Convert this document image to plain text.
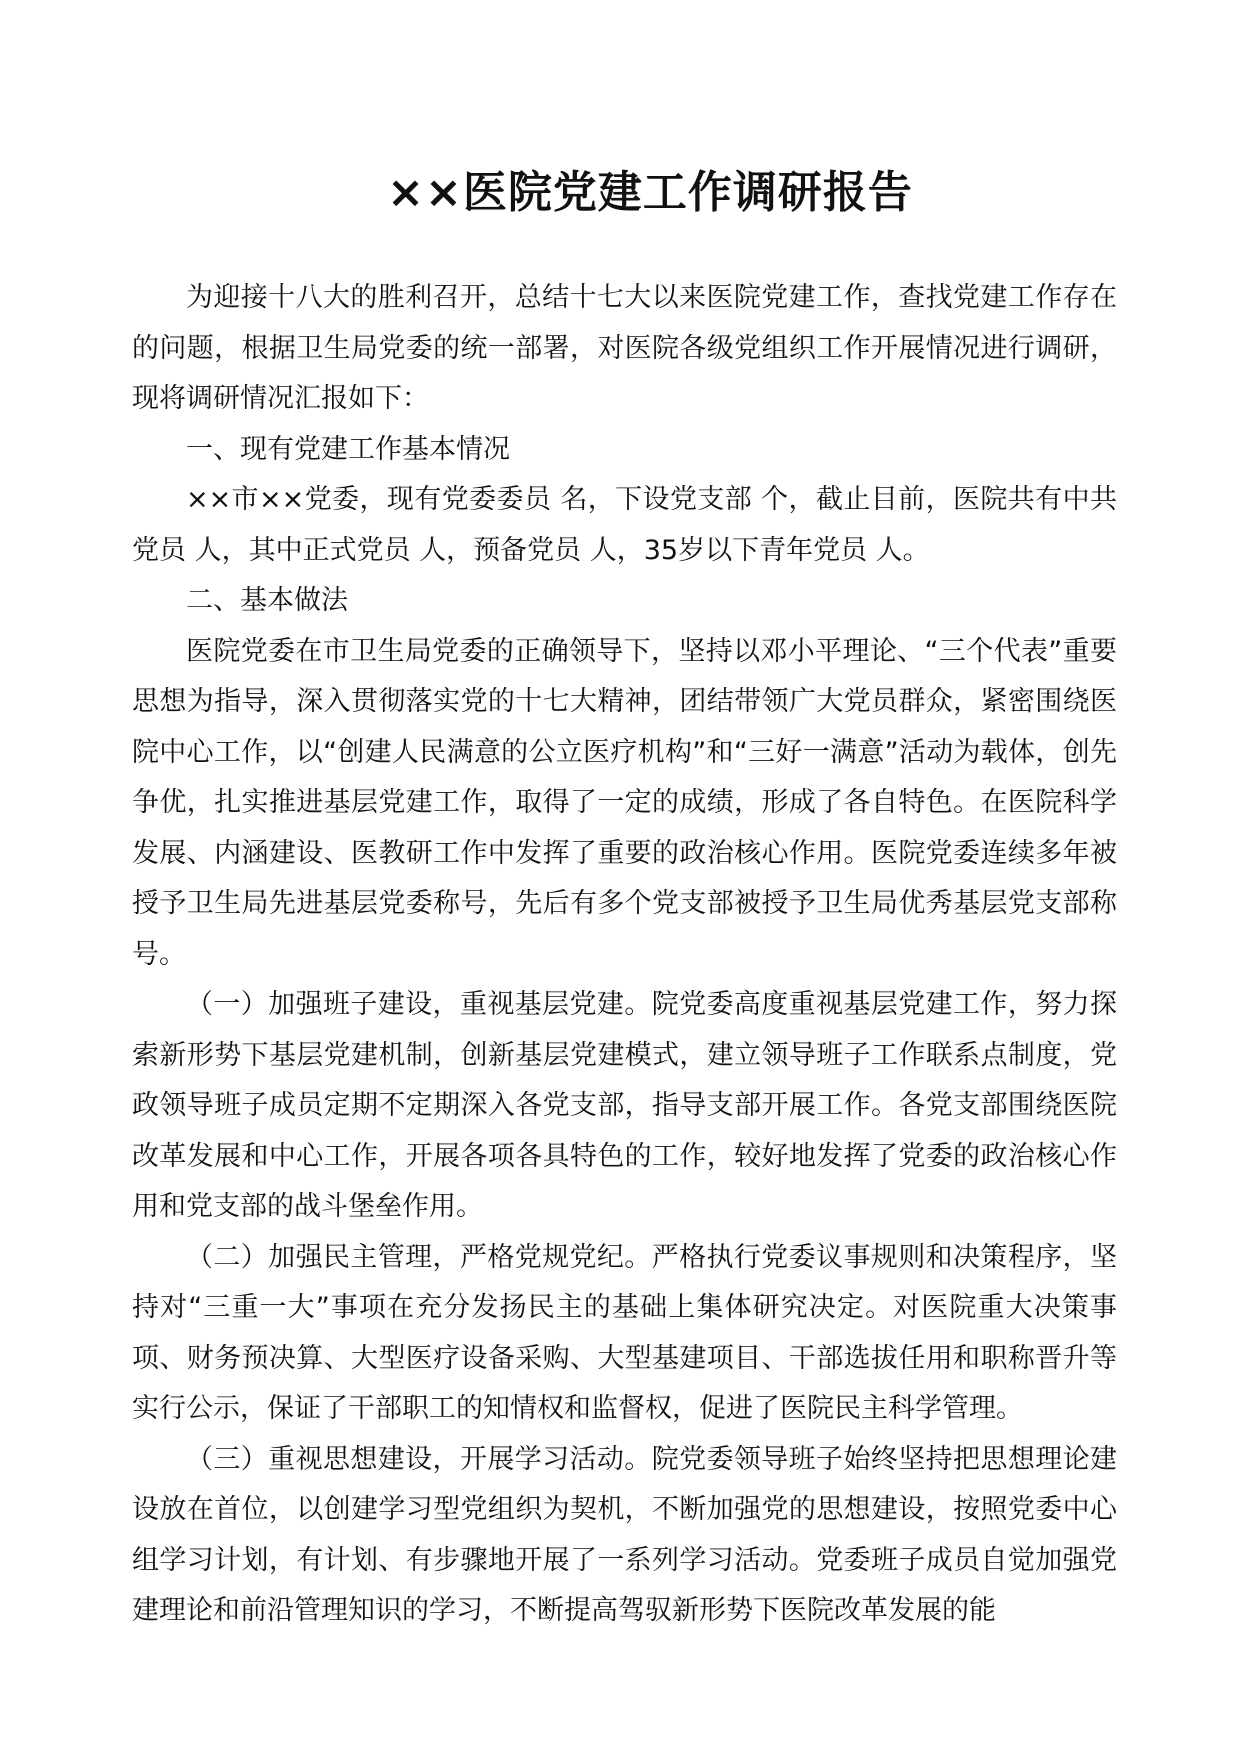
××医院党建工作调研报告

为迎接十八大的胜利召开，总结十七大以来医院党建工作，查找党建工作存在的问题，根据卫生局党委的统一部署，对医院各级党组织工作开展情况进行调研，现将调研情况汇报如下：

一、现有党建工作基本情况

××市××党委，现有党委委员 名，下设党支部 个，截止目前，医院共有中共党员 人，其中正式党员 人，预备党员 人，35岁以下青年党员 人。

二、基本做法

医院党委在市卫生局党委的正确领导下，坚持以邓小平理论、“三个代表”重要思想为指导，深入贯彻落实党的十七大精神，团结带领广大党员群众，紧密围绕医院中心工作，以“创建人民满意的公立医疗机构”和“三好一满意”活动为载体，创先争优，扎实推进基层党建工作，取得了一定的成绩，形成了各自特色。在医院科学发展、内涵建设、医教研工作中发挥了重要的政治核心作用。医院党委连续多年被授予卫生局先进基层党委称号，先后有多个党支部被授予卫生局优秀基层党支部称号。

（一）加强班子建设，重视基层党建。院党委高度重视基层党建工作，努力探索新形势下基层党建机制，创新基层党建模式，建立领导班子工作联系点制度，党政领导班子成员定期不定期深入各党支部，指导支部开展工作。各党支部围绕医院改革发展和中心工作，开展各项各具特色的工作，较好地发挥了党委的政治核心作用和党支部的战斗堡垒作用。

（二）加强民主管理，严格党规党纪。严格执行党委议事规则和决策程序，坚持对“三重一大”事项在充分发扬民主的基础上集体研究决定。对医院重大决策事项、财务预决算、大型医疗设备采购、大型基建项目、干部选拔任用和职称晋升等实行公示，保证了干部职工的知情权和监督权，促进了医院民主科学管理。

（三）重视思想建设，开展学习活动。院党委领导班子始终坚持把思想理论建设放在首位，以创建学习型党组织为契机，不断加强党的思想建设，按照党委中心组学习计划，有计划、有步骤地开展了一系列学习活动。党委班子成员自觉加强党建理论和前沿管理知识的学习，不断提高驾驭新形势下医院改革发展的能
